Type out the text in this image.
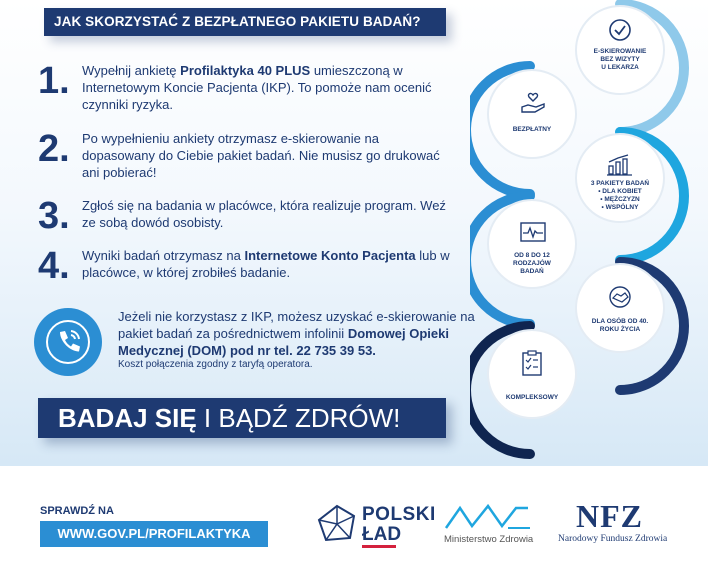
JAK SKORZYSTAĆ Z BEZPŁATNEGO PAKIETU BADAŃ?
1. Wypełnij ankietę Profilaktyka 40 PLUS umieszczoną w Internetowym Koncie Pacjenta (IKP). To pomoże nam ocenić czynniki ryzyka.
2. Po wypełnieniu ankiety otrzymasz e-skierowanie na dopasowany do Ciebie pakiet badań. Nie musisz go drukować ani pobierać!
3. Zgłoś się na badania w placówce, która realizuje program. Weź ze sobą dowód osobisty.
4. Wyniki badań otrzymasz na Internetowe Konto Pacjenta lub w placówce, w której zrobiłeś badanie.
Jeżeli nie korzystasz z IKP, możesz uzyskać e-skierowanie na pakiet badań za pośrednictwem infolinii Domowej Opieki Medycznej (DOM) pod nr tel. 22 735 39 53.
Koszt połączenia zgodny z taryfą operatora.
BADAJ SIĘ I BĄDŹ ZDRÓW!
SPRAWDŹ NA
WWW.GOV.PL/PROFILAKTYKA
POLSKI
ŁAD	Ministerstwo Zdrowia
NFZ
Narodowy Fundusz Zdrowia
E-SKIEROWANIE
BEZ WIZYTY
U LEKARZA
BEZPŁATNY
3 PAKIETY BADAŃ
• DLA KOBIET
• MĘŻCZYZN
• WSPÓLNY
OD 8 DO 12
RODZAJÓW
BADAŃ
DLA OSÓB OD 40.
ROKU ŻYCIA
KOMPLEKSOWY
